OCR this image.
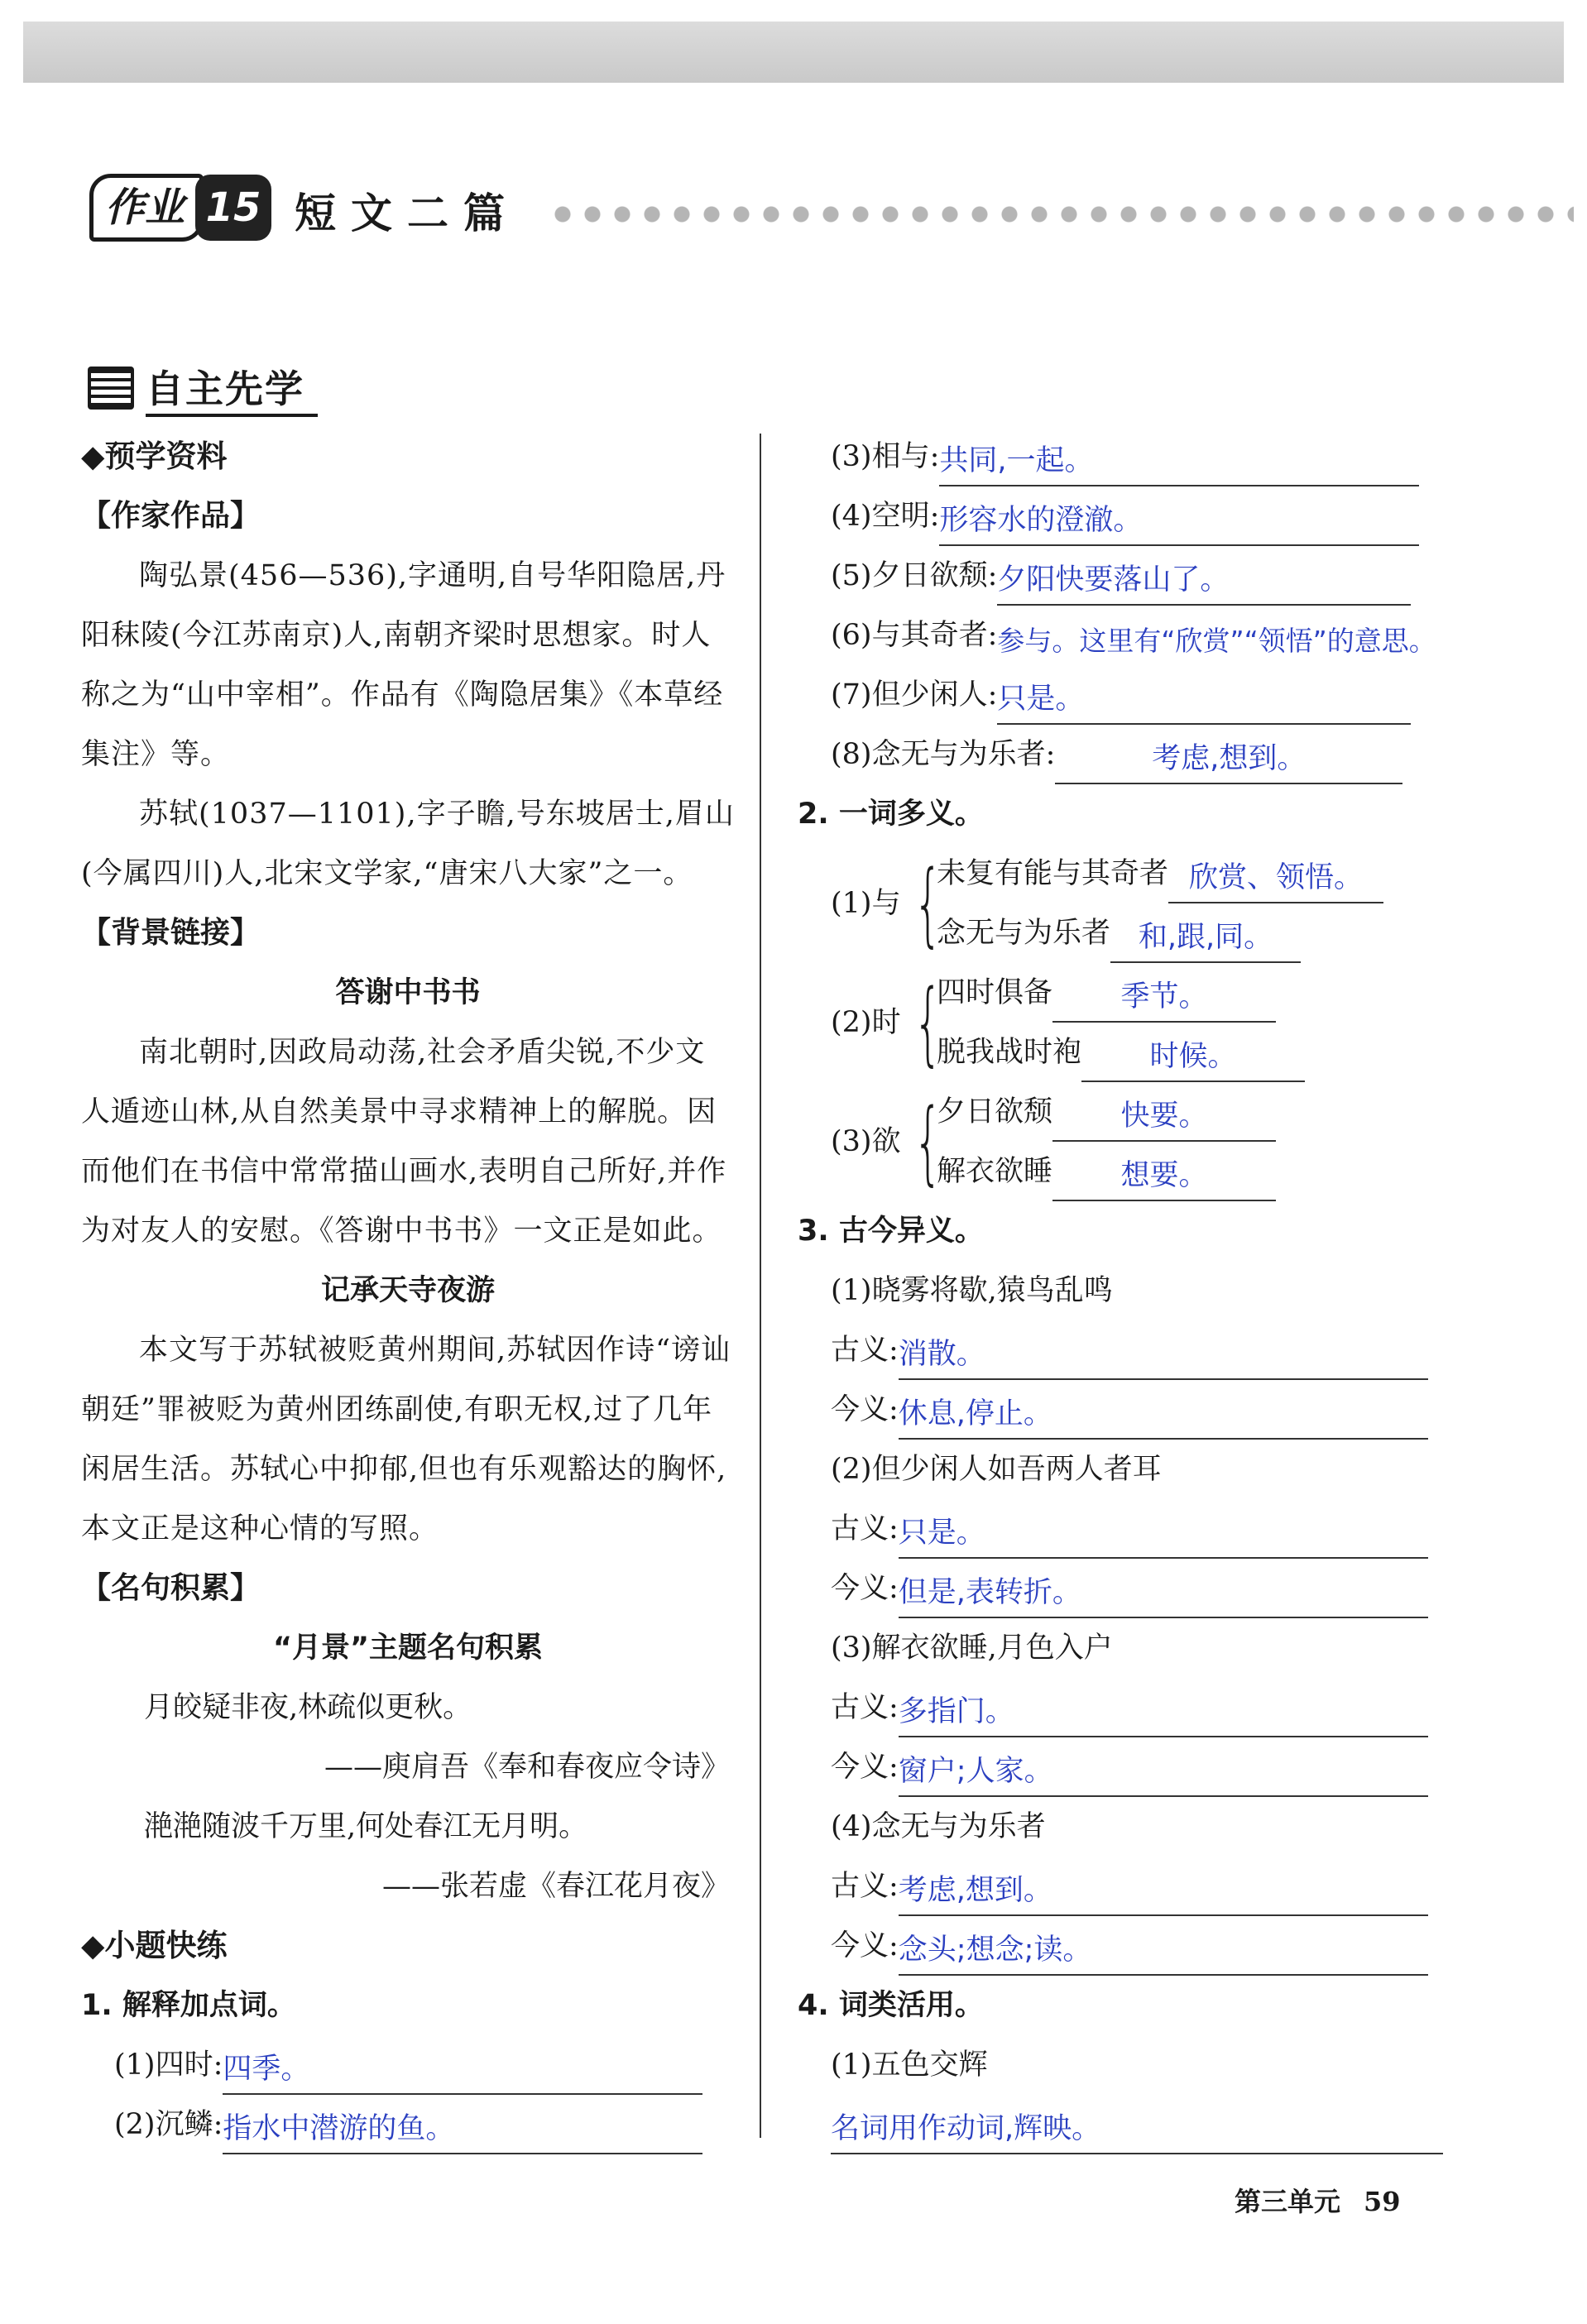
作业 15 短文二篇
自主先学
◆预学资料
【作家作品】
陶弘景(456—536),字通明,自号华阳隐居,丹阳秣陵(今江苏南京)人,南朝齐梁时思想家。时人称之为“山中宰相”。作品有《陶隐居集》《本草经集注》等。
苏轼(1037—1101),字子瞻,号东坡居士,眉山(今属四川)人,北宋文学家,“唐宋八大家”之一。
【背景链接】
答谢中书书
南北朝时,因政局动荡,社会矛盾尖锐,不少文人遁迹山林,从自然美景中寻求精神上的解脱。因而他们在书信中常常描山画水,表明自己所好,并作为对友人的安慰。《答谢中书书》一文正是如此。
记承天寺夜游
本文写于苏轼被贬黄州期间,苏轼因作诗“谤讪朝廷”罪被贬为黄州团练副使,有职无权,过了几年闲居生活。苏轼心中抑郁,但也有乐观豁达的胸怀,本文正是这种心情的写照。
【名句积累】
“月景”主题名句积累
月皎疑非夜,林疏似更秋。
——庾肩吾《奉和春夜应令诗》
滟滟随波千万里,何处春江无月明。
——张若虚《春江花月夜》
◆小题快练
1. 解释加点词。
(1)四时: 四季。
(2)沉鳞: 指水中潜游的鱼。
(3)相与: 共同,一起。
(4)空明: 形容水的澄澈。
(5)夕日欲颓: 夕阳快要落山了。
(6)与其奇者: 参与。这里有“欣赏”“领悟”的意思。
(7)但少闲人: 只是。
(8)念无与为乐者:	考虑,想到。
2. 一词多义。
(1)与 {
未复有能与其奇者 欣赏、领悟。
念无与为乐者 和,跟,同。
(2)时 {
四时俱备	季节。
脱我战时袍	时候。
(3)欲 {
夕日欲颓	快要。
解衣欲睡	想要。
3. 古今异义。
(1)晓雾将歇,猿鸟乱鸣
古义: 消散。
今义: 休息,停止。
(2)但少闲人如吾两人者耳
古义: 只是。
今义: 但是,表转折。
(3)解衣欲睡,月色入户
古义: 多指门。
今义: 窗户;人家。
(4)念无与为乐者
古义: 考虑,想到。
今义: 念头;想念;读。
4. 词类活用。
(1)五色交辉
名词用作动词,辉映。
第三单元 59
